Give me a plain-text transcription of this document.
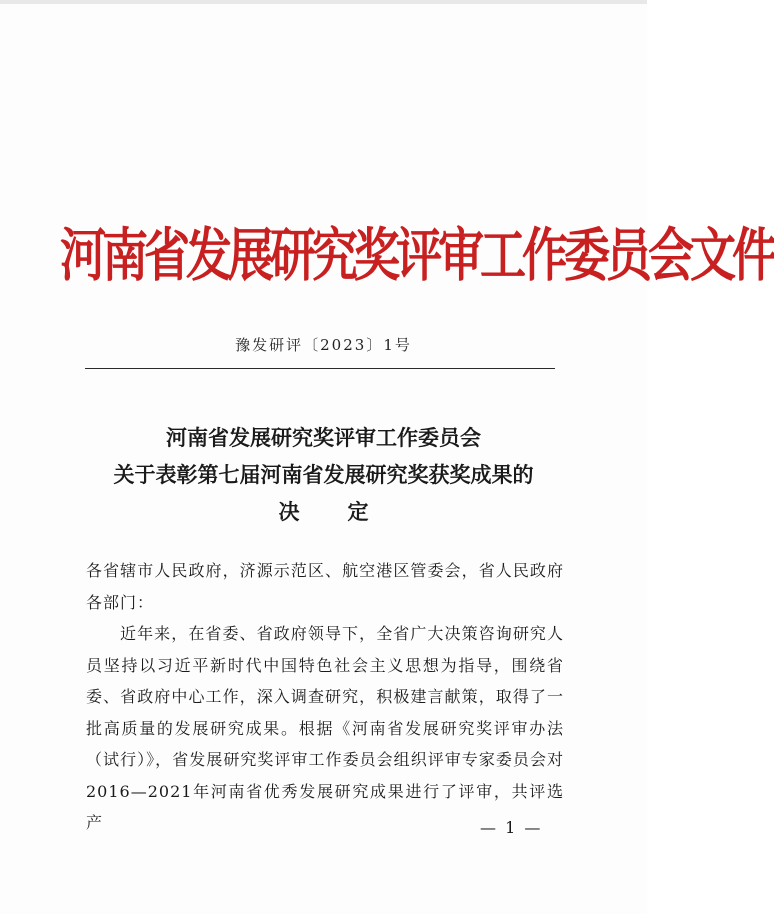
河南省发展研究奖评审工作委员会文件
豫发研评〔2023〕1号
河南省发展研究奖评审工作委员会
关于表彰第七届河南省发展研究奖获奖成果的
决定

各省辖市人民政府，济源示范区、航空港区管委会，省人民政府各部门：

近年来，在省委、省政府领导下，全省广大决策咨询研究人员坚持以习近平新时代中国特色社会主义思想为指导，围绕省委、省政府中心工作，深入调查研究，积极建言献策，取得了一批高质量的发展研究成果。根据《河南省发展研究奖评审办法（试行）》，省发展研究奖评审工作委员会组织评审专家委员会对2016—2021年河南省优秀发展研究成果进行了评审，共评选产	— 1 —
